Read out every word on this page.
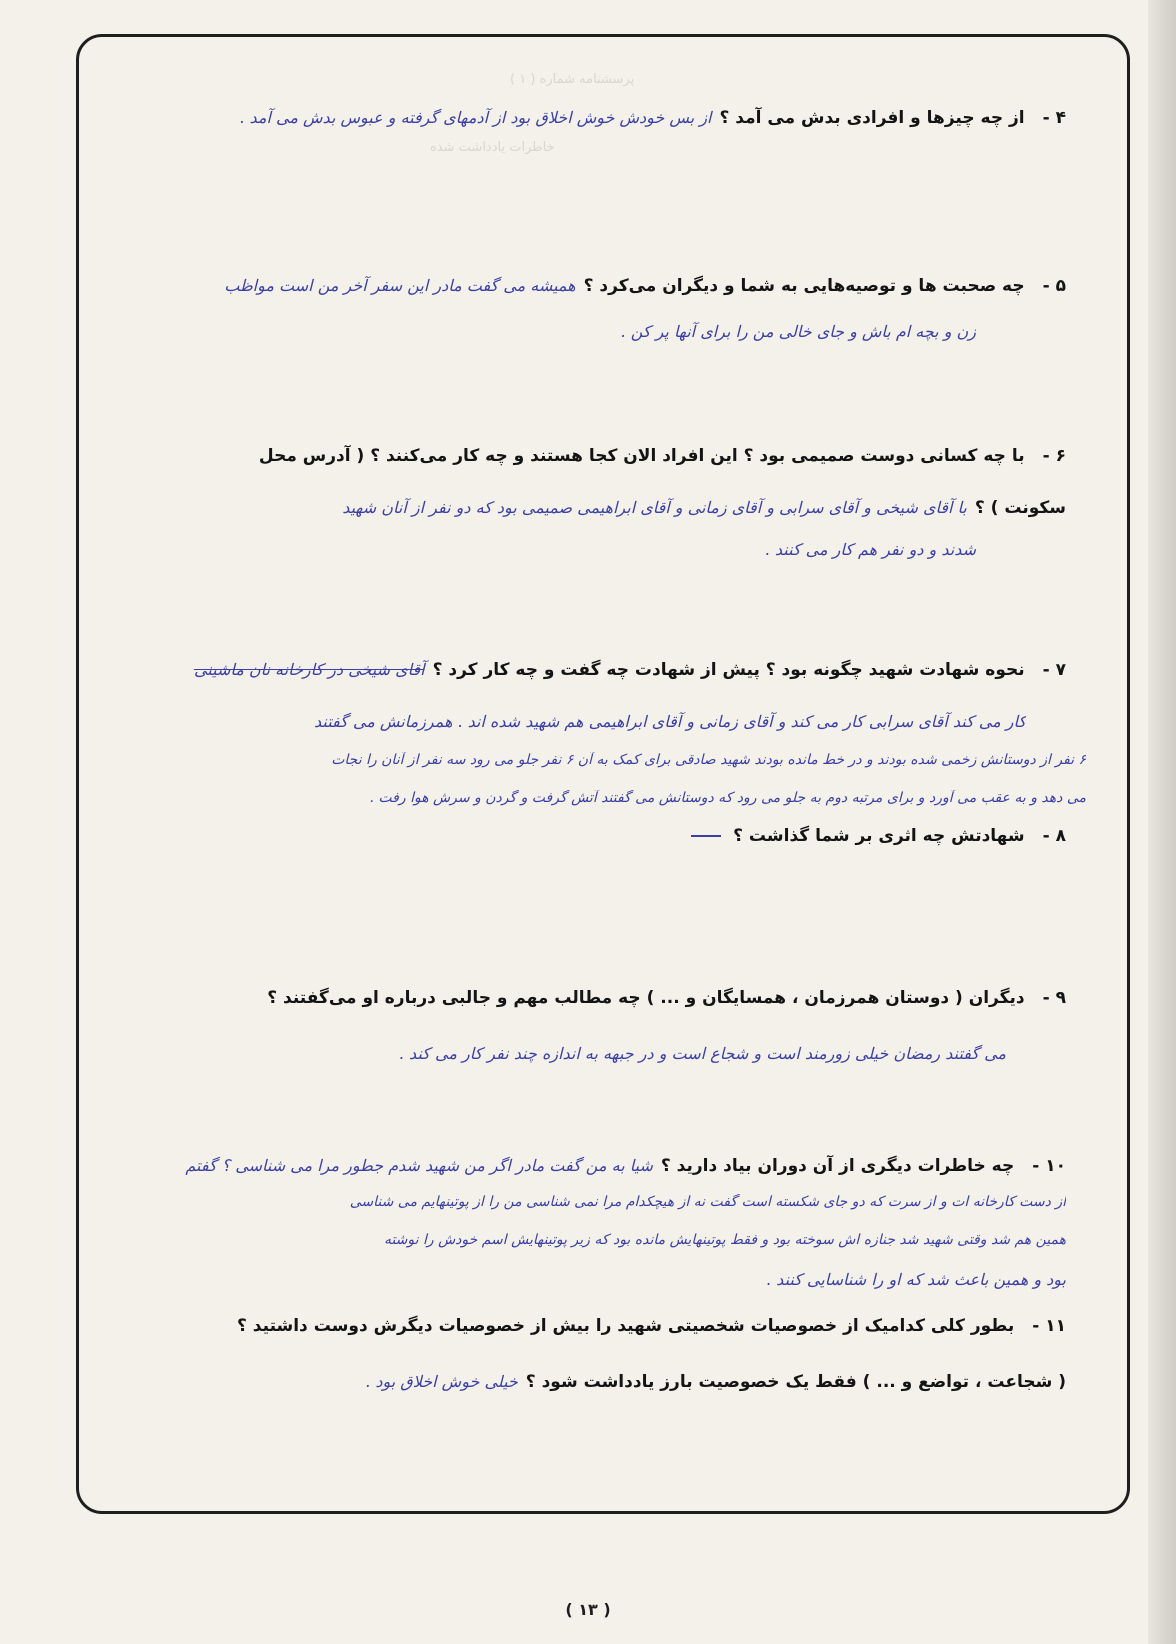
پرسشنامه شماره ( ١ )
خاطرات یادداشت شده
۴ -از چه چیزها و افرادی بدش می آمد ؟از بس خودش خوش اخلاق بود از آدمهای گرفته و عبوس بدش می آمد .
۵ -چه صحبت ها و توصیه‌هایی به شما و دیگران می‌کرد ؟همیشه می گفت مادر این سفر آخر من است مواظب
زن و بچه ام باش و جای خالی من را برای آنها پر کن .
۶ -با چه کسانی دوست صمیمی بود ؟ این افراد الان کجا هستند و چه کار می‌کنند ؟ ( آدرس محل
سکونت ) ؟با آقای شیخی و آقای سرابی و آقای زمانی و آقای ابراهیمی صمیمی بود که دو نفر از آنان شهید
شدند و دو نفر هم کار می کنند .
۷ -نحوه شهادت شهید چگونه بود ؟ پیش از شهادت چه گفت و چه کار کرد ؟آقای شیخی در کارخانه نان ماشینی
کار می کند آقای سرابی کار می کند و آقای زمانی و آقای ابراهیمی هم شهید شده اند . همرزمانش می گفتند
۶ نفر از دوستانش زخمی شده بودند و در خط مانده بودند شهید صادقی برای کمک به آن ۶ نفر جلو می رود سه نفر از آنان را نجات
می دهد و به عقب می آورد و برای مرتبه دوم به جلو می رود که دوستانش می گفتند آتش گرفت و گردن و سرش هوا رفت .
۸ -شهادتش چه اثری بر شما گذاشت ؟
۹ -دیگران ( دوستان همرزمان ، همسایگان و ... ) چه مطالب مهم و جالبی درباره او می‌گفتند ؟
می گفتند رمضان خیلی زورمند است و شجاع است و در جبهه به اندازه چند نفر کار می کند .
١٠ -چه خاطرات دیگری از آن دوران بیاد دارید ؟شیا به من گفت مادر اگر من شهید شدم جطور مرا می شناسی ؟ گفتم
از دست کارخانه ات و از سرت که دو جای شکسته است گفت نه از هیچکدام مرا نمی شناسی من را از پوتینهایم می شناسی
همین هم شد وقتی شهید شد جنازه اش سوخته بود و فقط پوتینهایش مانده بود که زیر پوتینهایش اسم خودش را نوشته
بود و همین باعث شد که او را شناسایی کنند .
١١ -بطور کلی کدامیک از خصوصیات شخصیتی شهید را بیش از خصوصیات دیگرش دوست داشتید ؟
( شجاعت ، تواضع و ... ) فقط یک خصوصیت بارز یادداشت شود ؟خیلی خوش اخلاق بود .
( ١٣ )
